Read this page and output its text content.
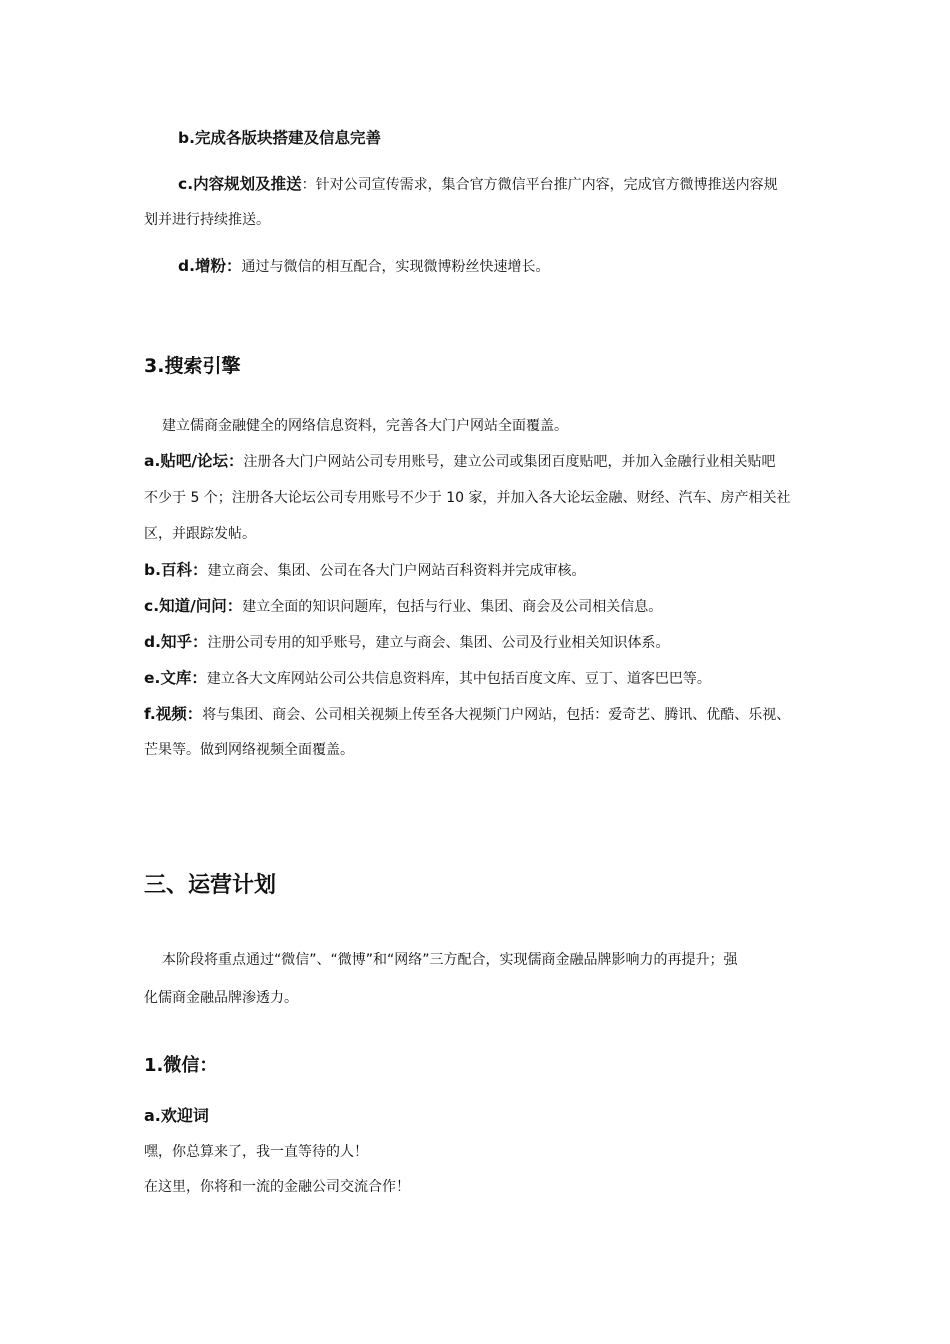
b.完成各版块搭建及信息完善
c.内容规划及推送：针对公司宣传需求，集合官方微信平台推广内容，完成官方微博推送内容规
划并进行持续推送。
d.增粉：通过与微信的相互配合，实现微博粉丝快速增长。
3.搜索引擎
建立儒商金融健全的网络信息资料，完善各大门户网站全面覆盖。
a.贴吧/论坛：注册各大门户网站公司专用账号，建立公司或集团百度贴吧，并加入金融行业相关贴吧
不少于 5 个；注册各大论坛公司专用账号不少于 10 家，并加入各大论坛金融、财经、汽车、房产相关社
区，并跟踪发帖。
b.百科：建立商会、集团、公司在各大门户网站百科资料并完成审核。
c.知道/问问：建立全面的知识问题库，包括与行业、集团、商会及公司相关信息。
d.知乎：注册公司专用的知乎账号，建立与商会、集团、公司及行业相关知识体系。
e.文库：建立各大文库网站公司公共信息资料库，其中包括百度文库、豆丁、道客巴巴等。
f.视频：将与集团、商会、公司相关视频上传至各大视频门户网站，包括：爱奇艺、腾讯、优酷、乐视、
芒果等。做到网络视频全面覆盖。
三、运营计划
本阶段将重点通过“微信”、“微博”和“网络”三方配合，实现儒商金融品牌影响力的再提升；强
化儒商金融品牌渗透力。
1.微信：
a.欢迎词
嘿，你总算来了，我一直等待的人！
在这里，你将和一流的金融公司交流合作！
